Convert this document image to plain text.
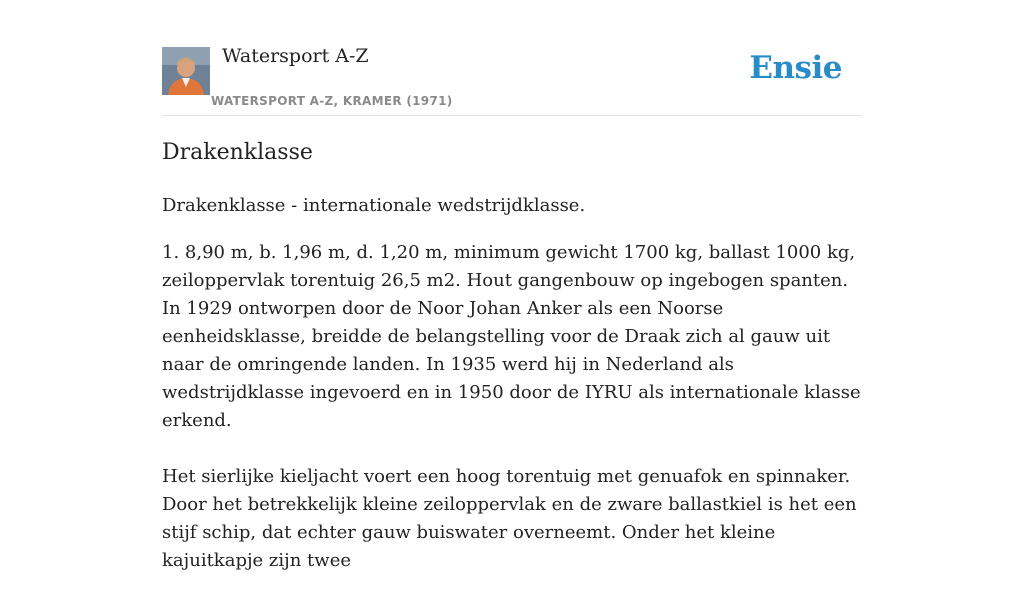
Watersport A-Z
WATERSPORT A-Z, KRAMER (1971)
Ensie
Drakenklasse

Drakenklasse - internationale wedstrijdklasse.

1. 8,90 m, b. 1,96 m, d. 1,20 m, minimum gewicht 1700 kg, ballast 1000 kg, zeiloppervlak torentuig 26,5 m2. Hout gangenbouw op ingebogen spanten. In 1929 ontworpen door de Noor Johan Anker als een Noorse eenheidsklasse, breidde de belangstelling voor de Draak zich al gauw uit naar de omringende landen. In 1935 werd hij in Nederland als wedstrijdklasse ingevoerd en in 1950 door de IYRU als internationale klasse erkend.

Het sierlijke kieljacht voert een hoog torentuig met genuafok en spinnaker. Door het betrekkelijk kleine zeiloppervlak en de zware ballastkiel is het een stijf schip, dat echter gauw buiswater overneemt. Onder het kleine kajuitkapje zijn twee
